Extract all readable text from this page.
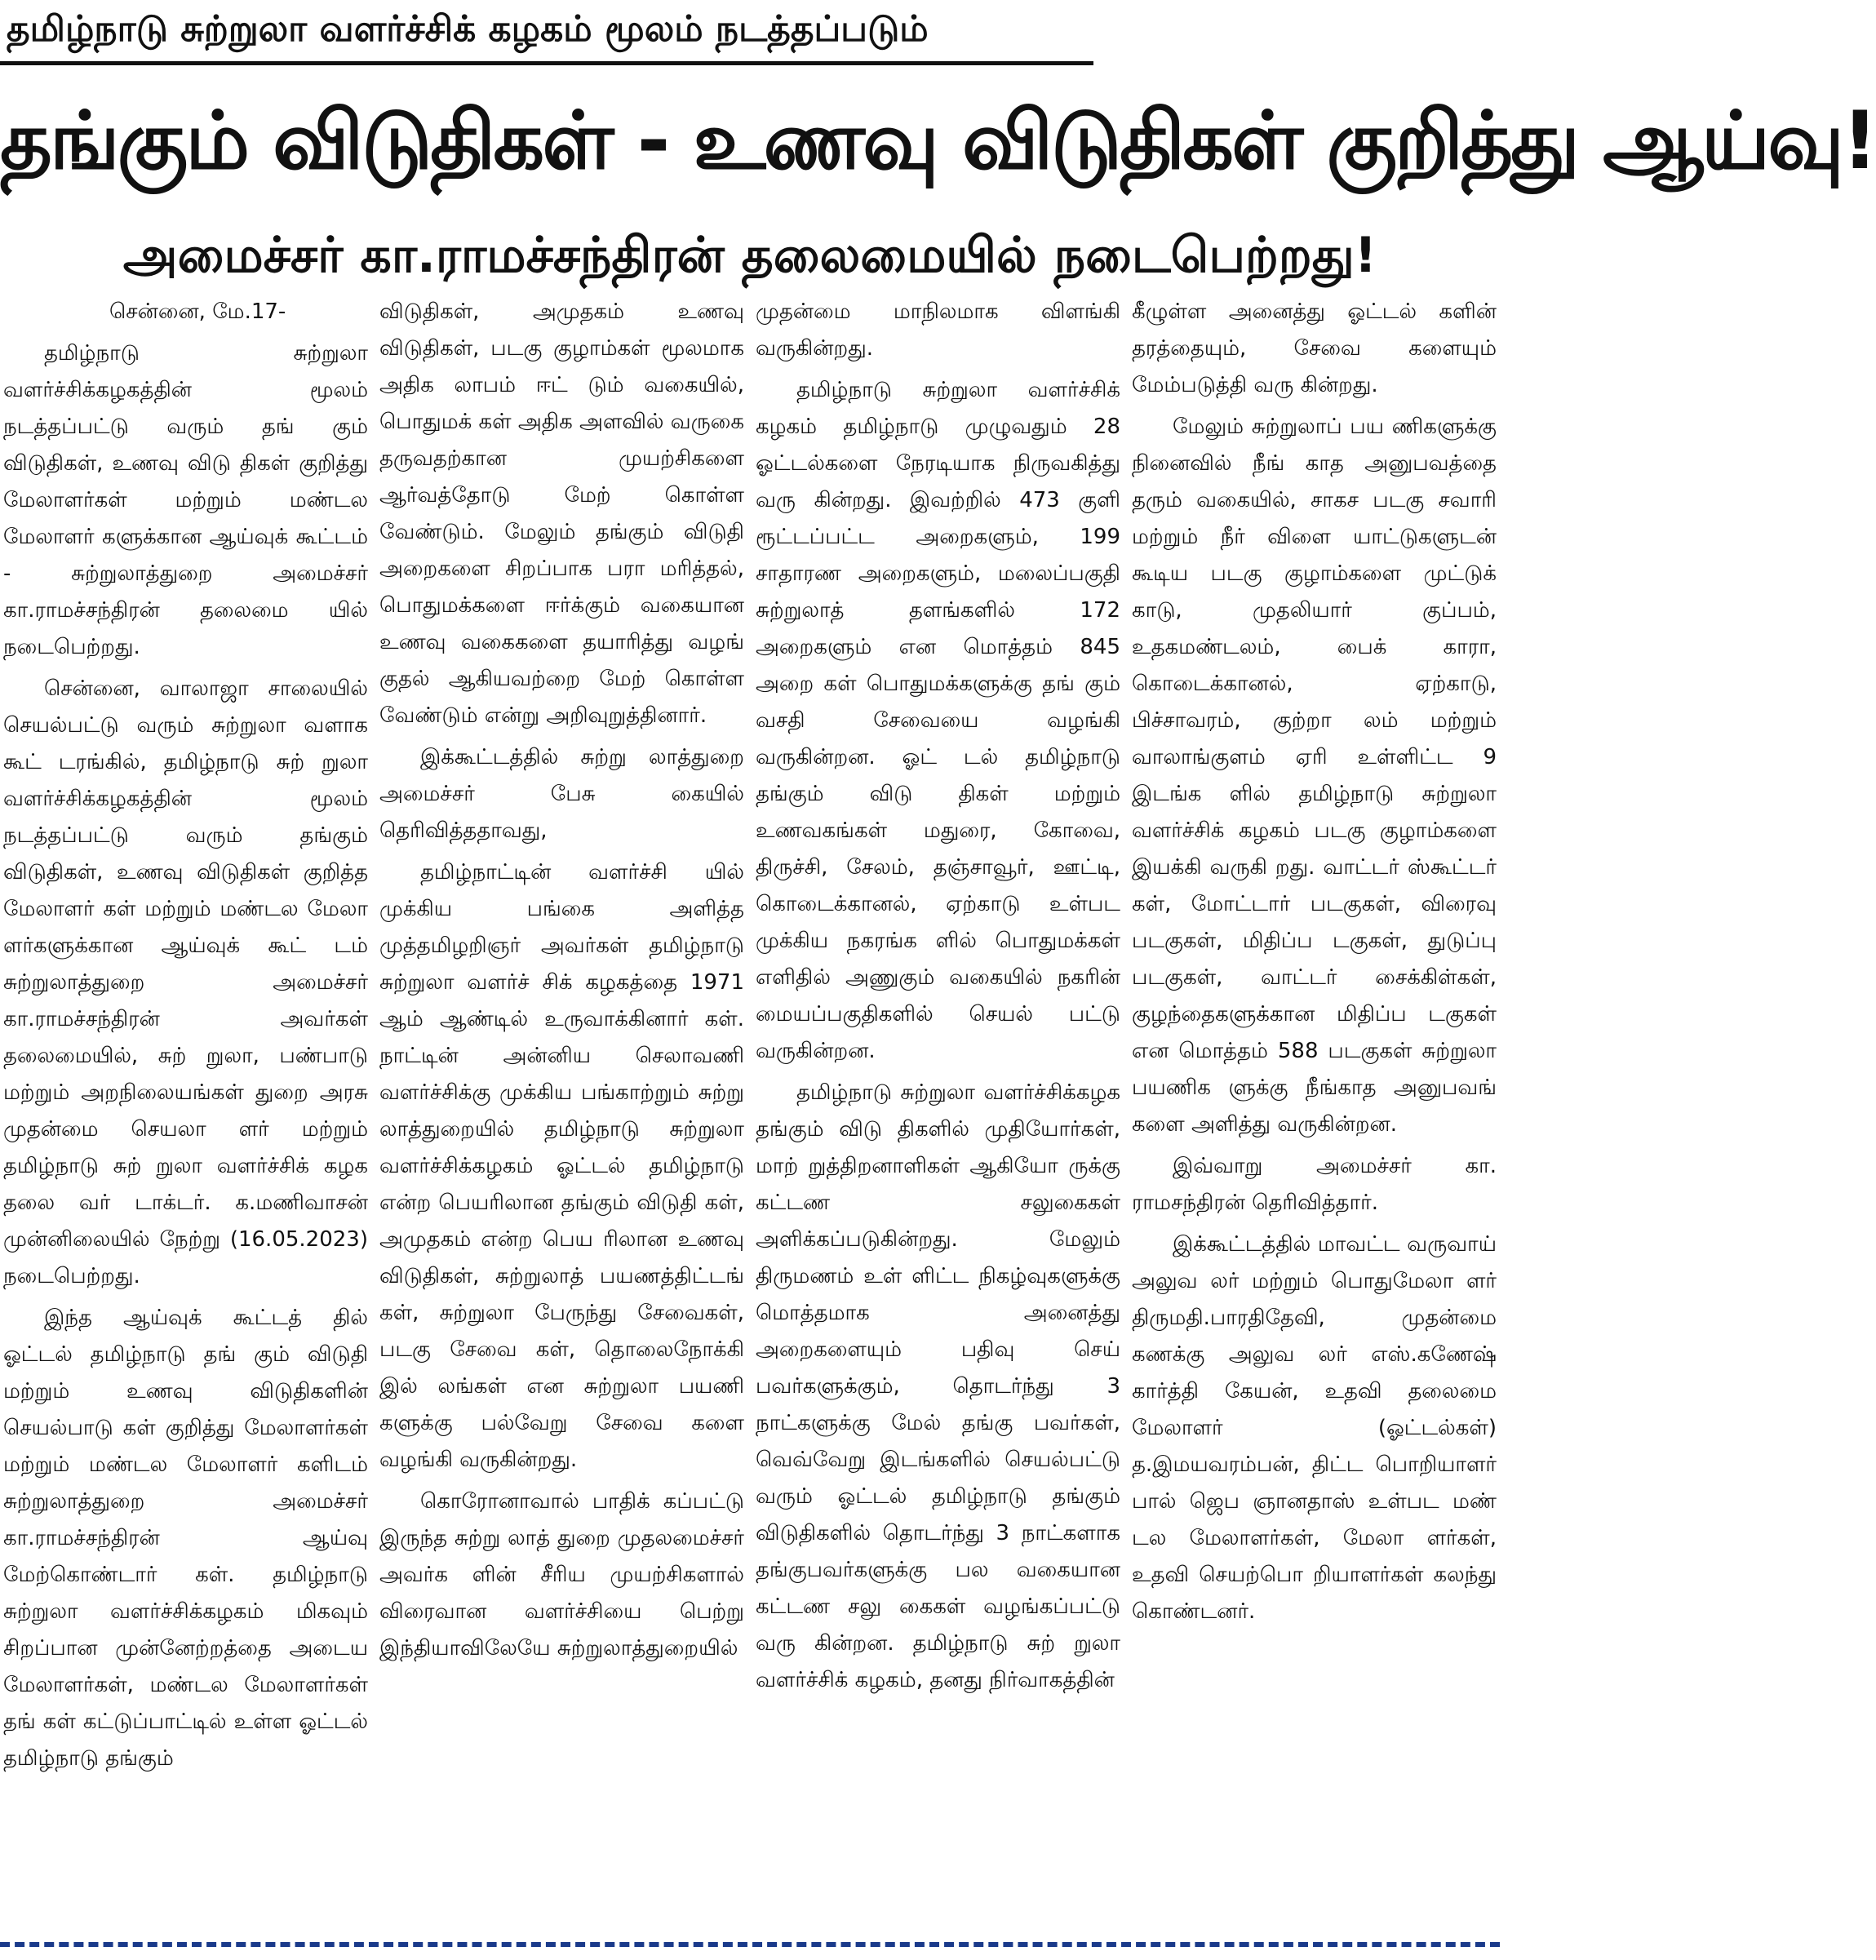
தமிழ்நாடு சுற்றுலா வளர்ச்சிக் கழகம் மூலம் நடத்தப்படும்
தங்கும் விடுதிகள் - உணவு விடுதிகள் குறித்து ஆய்வு!
அமைச்சர் கா.ராமச்சந்திரன் தலைமையில் நடைபெற்றது!

சென்னை, மே.17-

தமிழ்நாடு சுற்றுலா வளர்ச்சிக்கழகத்தின் மூலம் நடத்தப்பட்டு வரும் தங் கும் விடுதிகள், உணவு விடு திகள் குறித்து மேலாளர்கள் மற்றும் மண்டல மேலாளர் களுக்கான ஆய்வுக் கூட்டம் - சுற்றுலாத்துறை அமைச்சர் கா.ராமச்சந்திரன் தலைமை யில் நடைபெற்றது.

சென்னை, வாலாஜா சாலையில் செயல்பட்டு வரும் சுற்றுலா வளாக கூட் டரங்கில், தமிழ்நாடு சுற் றுலா வளர்ச்சிக்கழகத்தின் மூலம் நடத்தப்பட்டு வரும் தங்கும் விடுதிகள், உணவு விடுதிகள் குறித்த மேலாளர் கள் மற்றும் மண்டல மேலா ளர்களுக்கான ஆய்வுக் கூட் டம் சுற்றுலாத்துறை அமைச்சர் கா.ராமச்சந்திரன் அவர்கள் தலைமையில், சுற் றுலா, பண்பாடு மற்றும் அறநிலையங்கள் துறை அரசு முதன்மை செயலா ளர் மற்றும் தமிழ்நாடு சுற் றுலா வளர்ச்சிக் கழக தலை வர் டாக்டர். க.மணிவாசன் முன்னிலையில் நேற்று (16.05.2023) நடைபெற்றது.

இந்த ஆய்வுக் கூட்டத் தில் ஓட்டல் தமிழ்நாடு தங் கும் விடுதி மற்றும் உணவு விடுதிகளின் செயல்பாடு கள் குறித்து மேலாளர்கள் மற்றும் மண்டல மேலாளர் களிடம் சுற்றுலாத்துறை அமைச்சர் கா.ராமச்சந்திரன் ஆய்வு மேற்கொண்டார் கள். தமிழ்நாடு சுற்றுலா வளர்ச்சிக்கழகம் மிகவும் சிறப்பான முன்னேற்றத்தை அடைய மேலாளர்கள், மண்டல மேலாளர்கள் தங் கள் கட்டுப்பாட்டில் உள்ள ஓட்டல் தமிழ்நாடு தங்கும்

விடுதிகள், அமுதகம் உணவு விடுதிகள், படகு குழாம்கள் மூலமாக அதிக லாபம் ஈட் டும் வகையில், பொதுமக் கள் அதிக அளவில் வருகை தருவதற்கான முயற்சிகளை ஆர்வத்தோடு மேற் கொள்ள வேண்டும். மேலும் தங்கும் விடுதி அறைகளை சிறப்பாக பரா மரித்தல், பொதுமக்களை ஈர்க்கும் வகையான உணவு வகைகளை தயாரித்து வழங் குதல் ஆகியவற்றை மேற் கொள்ள வேண்டும் என்று அறிவுறுத்தினார்.

இக்கூட்டத்தில் சுற்று லாத்துறை அமைச்சர் பேசு கையில் தெரிவித்ததாவது,

தமிழ்நாட்டின் வளர்ச்சி யில் முக்கிய பங்கை அளித்த முத்தமிழறிஞர் அவர்கள் தமிழ்நாடு சுற்றுலா வளர்ச் சிக் கழகத்தை 1971 ஆம் ஆண்டில் உருவாக்கினார் கள். நாட்டின் அன்னிய செலாவணி வளர்ச்சிக்கு முக்கிய பங்காற்றும் சுற்று லாத்துறையில் தமிழ்நாடு சுற்றுலா வளர்ச்சிக்கழகம் ஓட்டல் தமிழ்நாடு என்ற பெயரிலான தங்கும் விடுதி கள், அமுதகம் என்ற பெய ரிலான உணவு விடுதிகள், சுற்றுலாத் பயணத்திட்டங் கள், சுற்றுலா பேருந்து சேவைகள், படகு சேவை கள், தொலைநோக்கி இல் லங்கள் என சுற்றுலா பயணி களுக்கு பல்வேறு சேவை களை வழங்கி வருகின்றது.

கொரோனாவால் பாதிக் கப்பட்டு இருந்த சுற்று லாத் துறை முதலமைச்சர் அவர்க ளின் சீரிய முயற்சிகளால் விரைவான வளர்ச்சியை பெற்று இந்தியாவிலேயே சுற்றுலாத்துறையில்

முதன்மை மாநிலமாக விளங்கி வருகின்றது.

தமிழ்நாடு சுற்றுலா வளர்ச்சிக் கழகம் தமிழ்நாடு முழுவதும் 28 ஓட்டல்களை நேரடியாக நிருவகித்து வரு கின்றது. இவற்றில் 473 குளி ரூட்டப்பட்ட அறைகளும், 199 சாதாரண அறைகளும், மலைப்பகுதி சுற்றுலாத் தளங்களில் 172 அறைகளும் என மொத்தம் 845 அறை கள் பொதுமக்களுக்கு தங் கும் வசதி சேவையை வழங்கி வருகின்றன. ஓட் டல் தமிழ்நாடு தங்கும் விடு திகள் மற்றும் உணவகங்கள் மதுரை, கோவை, திருச்சி, சேலம், தஞ்சாவூர், ஊட்டி, கொடைக்கானல், ஏற்காடு உள்பட முக்கிய நகரங்க ளில் பொதுமக்கள் எளிதில் அணுகும் வகையில் நகரின் மையப்பகுதிகளில் செயல் பட்டு வருகின்றன.

தமிழ்நாடு சுற்றுலா வளர்ச்சிக்கழக தங்கும் விடு திகளில் முதியோர்கள், மாற் றுத்திறனாளிகள் ஆகியோ ருக்கு கட்டண சலுகைகள் அளிக்கப்படுகின்றது. மேலும் திருமணம் உள் ளிட்ட நிகழ்வுகளுக்கு மொத்தமாக அனைத்து அறைகளையும் பதிவு செய் பவர்களுக்கும், தொடர்ந்து 3 நாட்களுக்கு மேல் தங்கு பவர்கள், வெவ்வேறு இடங்களில் செயல்பட்டு வரும் ஓட்டல் தமிழ்நாடு தங்கும் விடுதிகளில் தொடர்ந்து 3 நாட்களாக தங்குபவர்களுக்கு பல வகையான கட்டண சலு கைகள் வழங்கப்பட்டு வரு கின்றன. தமிழ்நாடு சுற் றுலா வளர்ச்சிக் கழகம், தனது நிர்வாகத்தின்

கீழுள்ள அனைத்து ஓட்டல் களின் தரத்தையும், சேவை களையும் மேம்படுத்தி வரு கின்றது.

மேலும் சுற்றுலாப் பய ணிகளுக்கு நினைவில் நீங் காத அனுபவத்தை தரும் வகையில், சாகச படகு சவாரி மற்றும் நீர் விளை யாட்டுகளுடன் கூடிய படகு குழாம்களை முட்டுக் காடு, முதலியார் குப்பம், உதகமண்டலம், பைக் காரா, கொடைக்கானல், ஏற்காடு, பிச்சாவரம், குற்றா லம் மற்றும் வாலாங்குளம் ஏரி உள்ளிட்ட 9 இடங்க ளில் தமிழ்நாடு சுற்றுலா வளர்ச்சிக் கழகம் படகு குழாம்களை இயக்கி வருகி றது. வாட்டர் ஸ்கூட்டர் கள், மோட்டார் படகுகள், விரைவு படகுகள், மிதிப்ப டகுகள், துடுப்பு படகுகள், வாட்டர் சைக்கிள்கள், குழந்தைகளுக்கான மிதிப்ப டகுகள் என மொத்தம் 588 படகுகள் சுற்றுலா பயணிக ளுக்கு நீங்காத அனுபவங் களை அளித்து வருகின்றன.

இவ்வாறு அமைச்சர் கா. ராமசந்திரன் தெரிவித்தார்.

இக்கூட்டத்தில் மாவட்ட வருவாய் அலுவ லர் மற்றும் பொதுமேலா ளர் திருமதி.பாரதிதேவி, முதன்மை கணக்கு அலுவ லர் எஸ்.கணேஷ் கார்த்தி கேயன், உதவி தலைமை மேலாளர் (ஓட்டல்கள்) த.இமயவரம்பன், திட்ட பொறியாளர் பால் ஜெப ஞானதாஸ் உள்பட மண் டல மேலாளர்கள், மேலா ளர்கள், உதவி செயற்பொ றியாளர்கள் கலந்து கொண்டனர்.
